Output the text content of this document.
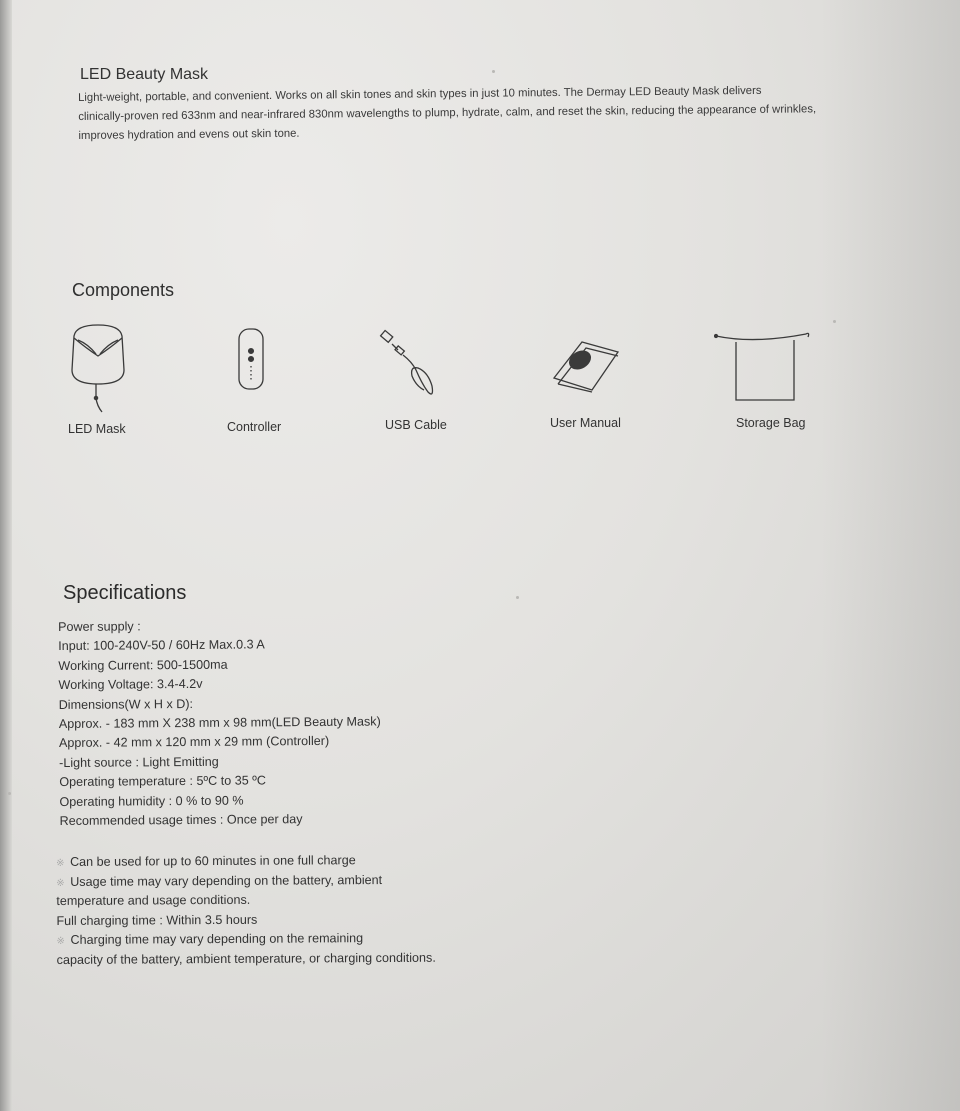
LED Beauty Mask

Light-weight, portable, and convenient. Works on all skin tones and skin types in just 10 minutes. The Dermay LED Beauty Mask delivers

clinically-proven red 633nm and near-infrared 830nm wavelengths to plump, hydrate, calm, and reset the skin, reducing the appearance of wrinkles,

improves hydration and evens out skin tone.

Components
LED Mask	Controller	USB Cable	User Manual	Storage Bag
Specifications
Power supply :
Input: 100-240V-50 / 60Hz Max.0.3 A
Working Current: 500-1500ma
Working Voltage: 3.4-4.2v
Dimensions(W x H x D):
Approx. - 183 mm X 238 mm x 98 mm(LED Beauty Mask)
Approx. - 42 mm x 120 mm x 29 mm (Controller)
-Light source : Light Emitting
Operating temperature : 5ºC to 35 ºC
Operating humidity : 0 % to 90 %
Recommended usage times : Once per day
※ Can be used for up to 60 minutes in one full charge
※ Usage time may vary depending on the battery, ambient
temperature and usage conditions.
Full charging time : Within 3.5 hours
※ Charging time may vary depending on the remaining
capacity of the battery, ambient temperature, or charging conditions.
